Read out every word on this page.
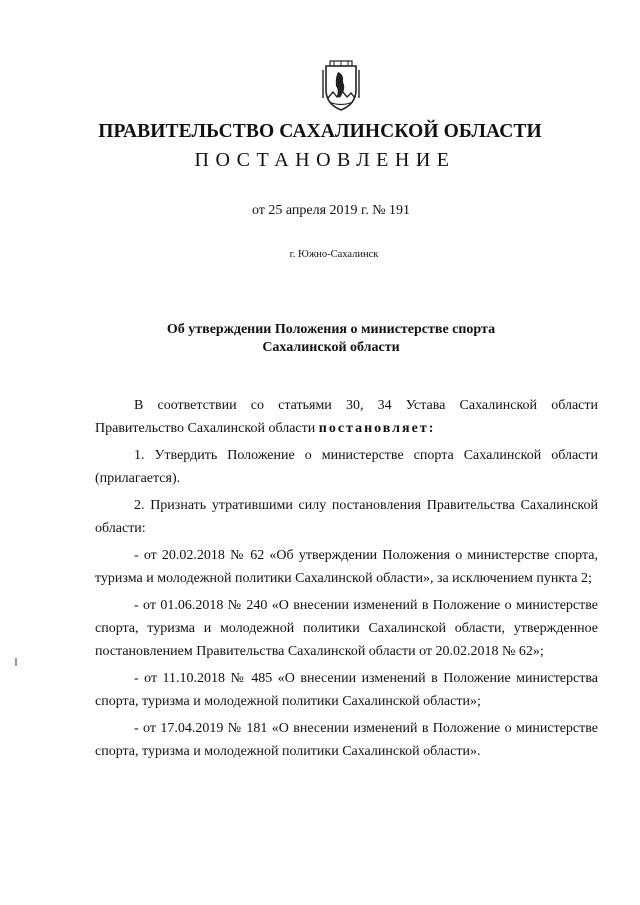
ПРАВИТЕЛЬСТВО САХАЛИНСКОЙ ОБЛАСТИ
ПОСТАНОВЛЕНИЕ
от 25 апреля 2019 г. № 191
г. Южно-Сахалинск
Об утверждении Положения о министерстве спорта
Сахалинской области

В соответствии со статьями 30, 34 Устава Сахалинской области Правительство Сахалинской области постановляет:

1. Утвердить Положение о министерстве спорта Сахалинской области (прилагается).

2. Признать утратившими силу постановления Правительства Сахалинской области:

- от 20.02.2018 № 62 «Об утверждении Положения о министерстве спорта, туризма и молодежной политики Сахалинской области», за исключением пункта 2;

- от 01.06.2018 № 240 «О внесении изменений в Положение о министерстве спорта, туризма и молодежной политики Сахалинской области, утвержденное постановлением Правительства Сахалинской области от 20.02.2018 № 62»;

- от 11.10.2018 № 485 «О внесении изменений в Положение министерства спорта, туризма и молодежной политики Сахалинской области»;

- от 17.04.2019 № 181 «О внесении изменений в Положение о министерстве спорта, туризма и молодежной политики Сахалинской области».
